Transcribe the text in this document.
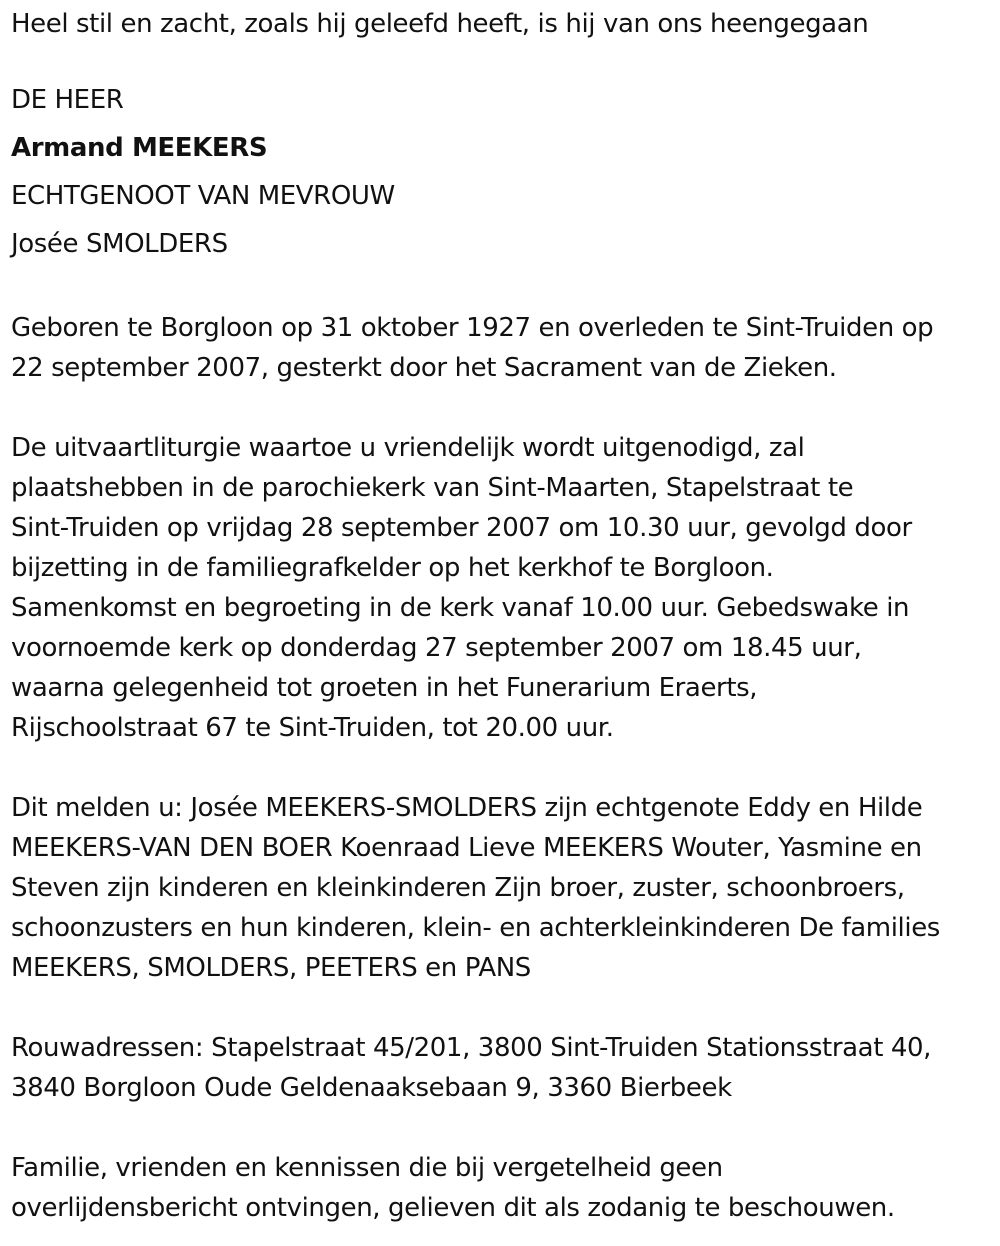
Heel stil en zacht, zoals hij geleefd heeft, is hij van ons heengegaan

DE HEER

Armand MEEKERS

ECHTGENOOT VAN MEVROUW

Josée SMOLDERS

Geboren te Borgloon op 31 oktober 1927 en overleden te Sint-Truiden op

22 september 2007, gesterkt door het Sacrament van de Zieken.

De uitvaartliturgie waartoe u vriendelijk wordt uitgenodigd, zal

plaatshebben in de parochiekerk van Sint-Maarten, Stapelstraat te

Sint-Truiden op vrijdag 28 september 2007 om 10.30 uur, gevolgd door

bijzetting in de familiegrafkelder op het kerkhof te Borgloon.

Samenkomst en begroeting in de kerk vanaf 10.00 uur. Gebedswake in

voornoemde kerk op donderdag 27 september 2007 om 18.45 uur,

waarna gelegenheid tot groeten in het Funerarium Eraerts,

Rijschoolstraat 67 te Sint-Truiden, tot 20.00 uur.

Dit melden u: Josée MEEKERS-SMOLDERS zijn echtgenote Eddy en Hilde

MEEKERS-VAN DEN BOER Koenraad Lieve MEEKERS Wouter, Yasmine en

Steven zijn kinderen en kleinkinderen Zijn broer, zuster, schoonbroers,

schoonzusters en hun kinderen, klein- en achterkleinkinderen De families

MEEKERS, SMOLDERS, PEETERS en PANS

Rouwadressen: Stapelstraat 45/201, 3800 Sint-Truiden Stationsstraat 40,

3840 Borgloon Oude Geldenaaksebaan 9, 3360 Bierbeek

Familie, vrienden en kennissen die bij vergetelheid geen

overlijdensbericht ontvingen, gelieven dit als zodanig te beschouwen.
